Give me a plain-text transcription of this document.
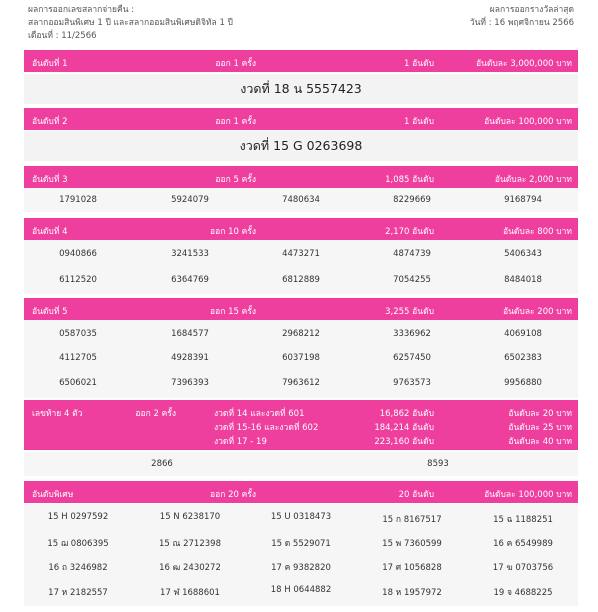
ผลการออกเลขสลากจ่ายคืน :
สลากออมสินพิเศษ 1 ปี และสลากออมสินพิเศษดิจิทัล 1 ปี
เดือนที่ : 11/2566
ผลการออกรางวัลล่าสุด
วันที่ : 16 พฤศจิกายน 2566
อันดับที่ 1	ออก 1 ครั้ง	1 อันดับ	อันดับละ 3,000,000 บาท
งวดที่ 18 น 5557423
อันดับที่ 2	ออก 1 ครั้ง	1 อันดับ	อันดับละ 100,000 บาท
งวดที่ 15 G 0263698
อันดับที่ 3	ออก 5 ครั้ง	1,085 อันดับ	อันดับละ 2,000 บาท
1791028	5924079	7480634	8229669	9168794
อันดับที่ 4	ออก 10 ครั้ง	2,170 อันดับ	อันดับละ 800 บาท
0940866	3241533	4473271	4874739	5406343
6112520	6364769	6812889	7054255	8484018
อันดับที่ 5	ออก 15 ครั้ง	3,255 อันดับ	อันดับละ 200 บาท
0587035	1684577	2968212	3336962	4069108
4112705	4928391	6037198	6257450	6502383
6506021	7396393	7963612	9763573	9956880
เลขท้าย 4 ตัว	ออก 2 ครั้ง	งวดที่ 14 และงวดที่ 601	16,862 อันดับ	อันดับละ 20 บาท
งวดที่ 15-16 และงวดที่ 602	184,214 อันดับ	อันดับละ 25 บาท
งวดที่ 17 - 19	223,160 อันดับ	อันดับละ 40 บาท
2866	8593
อันดับพิเศษ	ออก 20 ครั้ง	20 อันดับ	อันดับละ 100,000 บาท
15 H 0297592	15 N 6238170	15 U 0318473	15 ก 8167517	15 ฉ 1188251
15 ฌ 0806395	15 ณ 2712398	15 ด 5529071	15 พ 7360599	16 ค 6549989
16 ถ 3246982	16 ฒ 2430272	17 ค 9382820	17 ศ 1056828	17 ฆ 0703756
17 ห 2182557	17 ฬ 1688601	18 H 0644882	18 ห 1957972	19 จ 4688225
